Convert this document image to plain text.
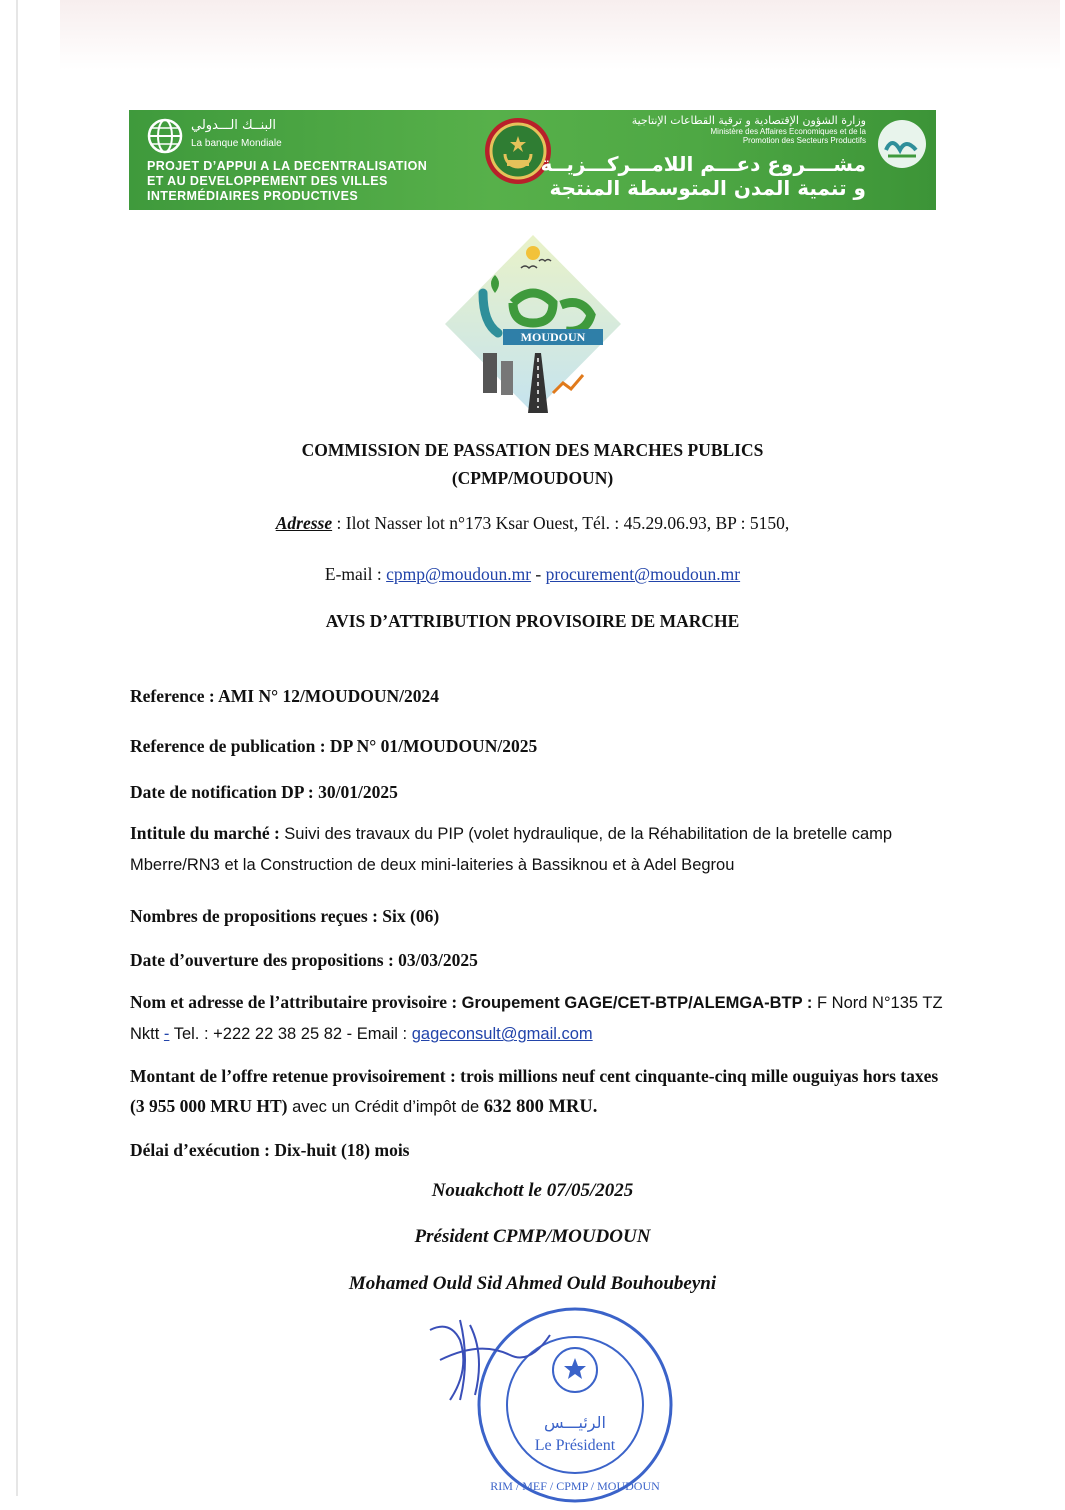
البنــك الـــدولي
La banque Mondiale
PROJET D’APPUI A LA DECENTRALISATION
ET AU DEVELOPPEMENT DES VILLES
INTERMÉDIAIRES PRODUCTIVES
وزارة الشؤون الإقتصادية و ترقية القطاعات الإنتاجية
Ministère des Affaires Economiques et de la
Promotion des Secteurs Productifs
مشــــروع دعـــم اللامـــركـــزيــة
و تنمية المدن المتوسطة المنتجة
MOUDOUN
COMMISSION DE PASSATION DES MARCHES PUBLICS
(CPMP/MOUDOUN)
Adresse : Ilot Nasser lot n°173 Ksar Ouest, Tél. : 45.29.06.93, BP : 5150,
E-mail : cpmp@moudoun.mr - procurement@moudoun.mr
AVIS D’ATTRIBUTION PROVISOIRE DE MARCHE
Reference : AMI N° 12/MOUDOUN/2024
Reference de publication : DP N° 01/MOUDOUN/2025
Date de notification DP : 30/01/2025
Intitule du marché : Suivi des travaux du PIP (volet hydraulique, de la Réhabilitation de la bretelle camp Mberre/RN3 et la Construction de deux mini-laiteries à Bassiknou et à Adel Begrou
Nombres de propositions reçues : Six (06)
Date d’ouverture des propositions : 03/03/2025
Nom et adresse de l’attributaire provisoire : Groupement GAGE/CET-BTP/ALEMGA-BTP : F Nord N°135 TZ Nktt - Tel. : +222 22 38 25 82 - Email : gageconsult@gmail.com
Montant de l’offre retenue provisoirement : trois millions neuf cent cinquante-cinq mille ouguiyas hors taxes (3 955 000 MRU HT) avec un Crédit d’impôt de 632 800 MRU.
Délai d’exécution : Dix-huit (18) mois
Nouakchott le 07/05/2025
Président CPMP/MOUDOUN
Mohamed Ould Sid Ahmed Ould Bouhoubeyni
الرئيـــس
Le Président
RIM / MEF / CPMP / MOUDOUN
